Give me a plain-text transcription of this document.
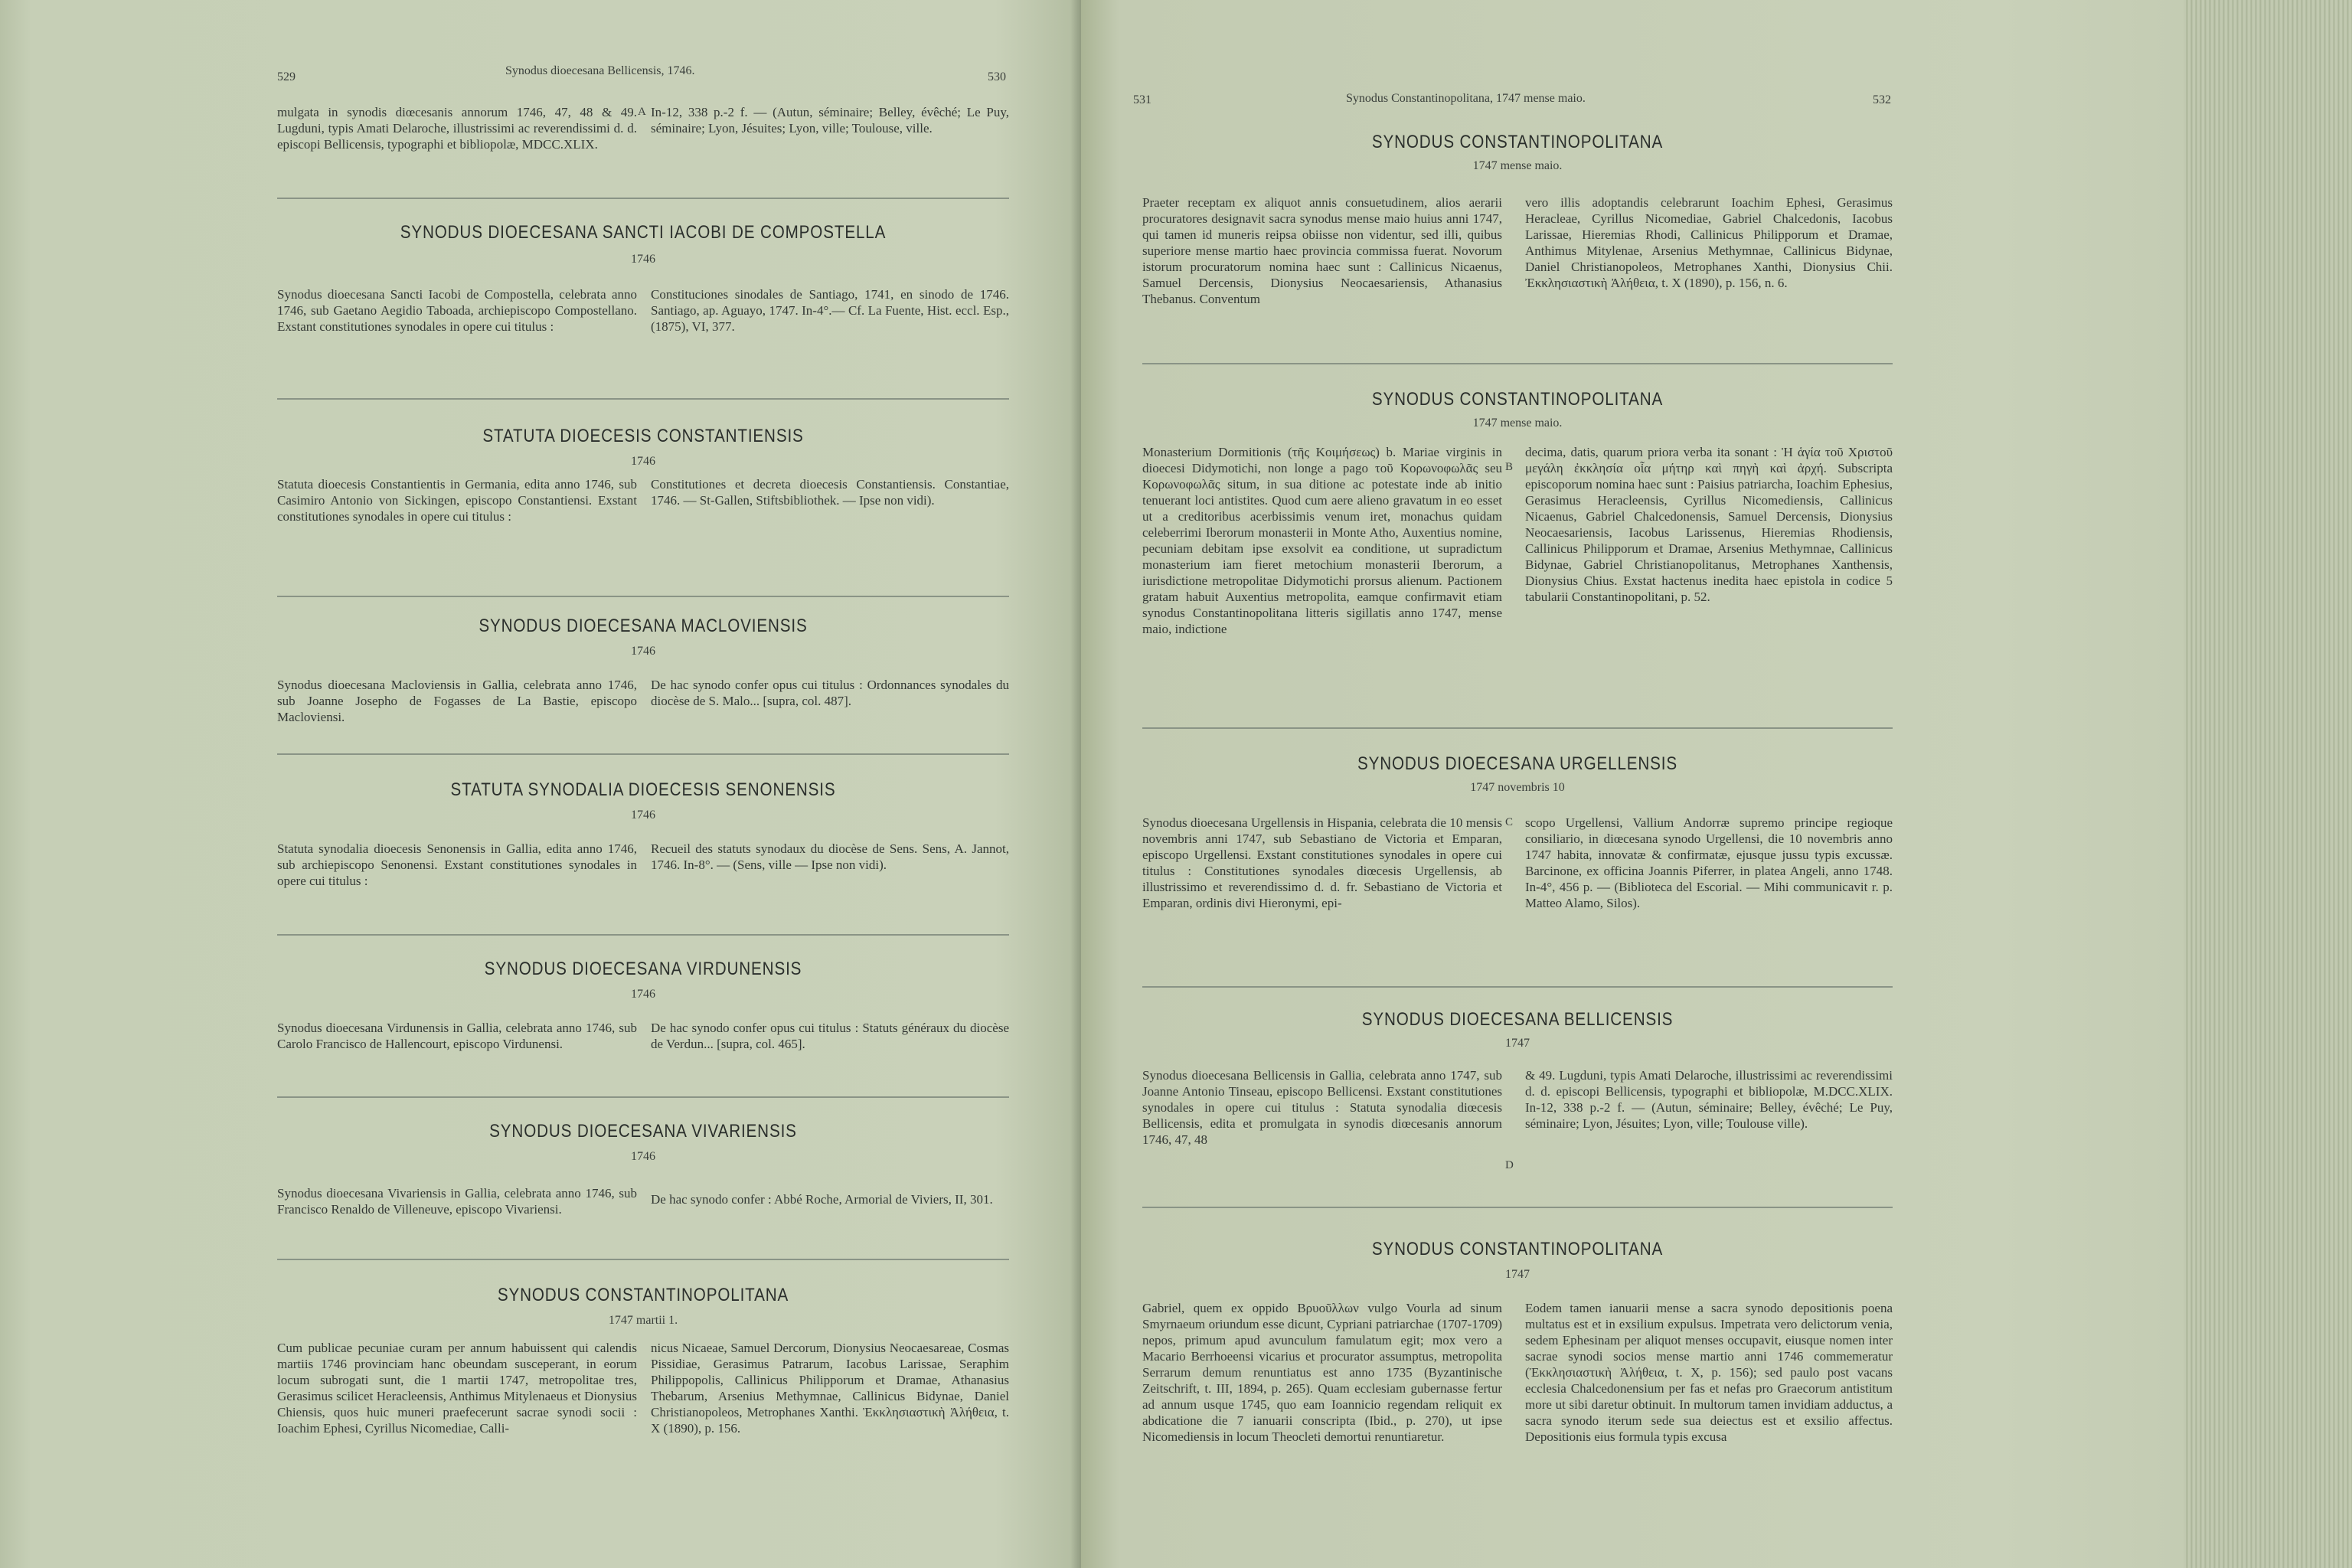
529	Synodus dioecesana Bellicensis, 1746.	530
mulgata in synodis diœcesanis annorum 1746, 47, 48 & 49. Lugduni, typis Amati Delaroche, illustrissimi ac reverendissimi d. d. episcopi Bellicensis, typographi et bibliopolæ, MDCC.XLIX.
A In-12, 338 p.-2 f. — (Autun, séminaire; Belley, évêché; Le Puy, séminaire; Lyon, Jésuites; Lyon, ville; Toulouse, ville.
SYNODUS DIOECESANA SANCTI IACOBI DE COMPOSTELLA
1746
Synodus dioecesana Sancti Iacobi de Compostella, celebrata anno 1746, sub Gaetano Aegidio Taboada, archiepiscopo Compostellano. Exstant constitutiones synodales in opere cui titulus :
Constituciones sinodales de Santiago, 1741, en sinodo de 1746. Santiago, ap. Aguayo, 1747. In-4°.— Cf. La Fuente, Hist. eccl. Esp., (1875), VI, 377.
STATUTA DIOECESIS CONSTANTIENSIS
1746
Statuta dioecesis Constantientis in Germania, edita anno 1746, sub Casimiro Antonio von Sickingen, episcopo Constantiensi. Exstant constitutiones synodales in opere cui titulus :
Constitutiones et decreta dioecesis Constantiensis. Constantiae, 1746. — St-Gallen, Stiftsbibliothek. — Ipse non vidi).
SYNODUS DIOECESANA MACLOVIENSIS
1746
Synodus dioecesana Macloviensis in Gallia, celebrata anno 1746, sub Joanne Josepho de Fogasses de La Bastie, episcopo Macloviensi.
De hac synodo confer opus cui titulus : Ordonnances synodales du diocèse de S. Malo... [supra, col. 487].
STATUTA SYNODALIA DIOECESIS SENONENSIS
1746
Statuta synodalia dioecesis Senonensis in Gallia, edita anno 1746, sub archiepiscopo Senonensi. Exstant constitutiones synodales in opere cui titulus :
Recueil des statuts synodaux du diocèse de Sens. Sens, A. Jannot, 1746. In-8°. — (Sens, ville — Ipse non vidi).
SYNODUS DIOECESANA VIRDUNENSIS
1746
Synodus dioecesana Virdunensis in Gallia, celebrata anno 1746, sub Carolo Francisco de Hallencourt, episcopo Virdunensi.
De hac synodo confer opus cui titulus : Statuts généraux du diocèse de Verdun... [supra, col. 465].
SYNODUS DIOECESANA VIVARIENSIS
1746
Synodus dioecesana Vivariensis in Gallia, celebrata anno 1746, sub Francisco Renaldo de Villeneuve, episcopo Vivariensi.
De hac synodo confer : Abbé Roche, Armorial de Viviers, II, 301.
SYNODUS CONSTANTINOPOLITANA
1747 martii 1.
Cum publicae pecuniae curam per annum habuissent qui calendis martiis 1746 provinciam hanc obeundam susceperant, in eorum locum subrogati sunt, die 1 martii 1747, metropolitae tres, Gerasimus scilicet Heracleensis, Anthimus Mitylenaeus et Dionysius Chiensis, quos huic muneri praefecerunt sacrae synodi socii : Ioachim Ephesi, Cyrillus Nicomediae, Calli-
nicus Nicaeae, Samuel Dercorum, Dionysius Neocaesareae, Cosmas Pissidiae, Gerasimus Patrarum, Iacobus Larissae, Seraphim Philippopolis, Callinicus Philipporum et Dramae, Athanasius Thebarum, Arsenius Methymnae, Callinicus Bidynae, Daniel Christianopoleos, Metrophanes Xanthi. Ἐκκλησιαστικὴ Ἀλήθεια, t. X (1890), p. 156.
531	Synodus Constantinopolitana, 1747 mense maio.	532
SYNODUS CONSTANTINOPOLITANA
1747 mense maio.
Praeter receptam ex aliquot annis consuetudinem, alios aerarii procuratores designavit sacra synodus mense maio huius anni 1747, qui tamen id muneris reipsa obiisse non videntur, sed illi, quibus superiore mense martio haec provincia commissa fuerat. Novorum istorum procuratorum nomina haec sunt : Callinicus Nicaenus, Samuel Dercensis, Dionysius Neocaesariensis, Athanasius Thebanus. Conventum
vero illis adoptandis celebrarunt Ioachim Ephesi, Gerasimus Heracleae, Cyrillus Nicomediae, Gabriel Chalcedonis, Iacobus Larissae, Hieremias Rhodi, Callinicus Philipporum et Dramae, Anthimus Mitylenae, Arsenius Methymnae, Callinicus Bidynae, Daniel Christianopoleos, Metrophanes Xanthi, Dionysius Chii. Ἐκκλησιαστικὴ Ἀλήθεια, t. X (1890), p. 156, n. 6.
SYNODUS CONSTANTINOPOLITANA
1747 mense maio.
Monasterium Dormitionis (τῆς Κοιμήσεως) b. Mariae virginis in dioecesi Didymotichi, non longe a pago τοῦ Κορωνοφωλᾶς seu Κορωνοφωλᾶς situm, in sua ditione ac potestate inde ab initio tenuerant loci antistites. Quod cum aere alieno gravatum in eo esset ut a creditoribus acerbissimis venum iret, monachus quidam celeberrimi Iberorum monasterii in Monte Atho, Auxentius nomine, pecuniam debitam ipse exsolvit ea conditione, ut supradictum monasterium iam fieret metochium monasterii Iberorum, a iurisdictione metropolitae Didymotichi prorsus alienum. Pactionem gratam habuit Auxentius metropolita, eamque confirmavit etiam synodus Constantinopolitana litteris sigillatis anno 1747, mense maio, indictione
B
decima, datis, quarum priora verba ita sonant : Ἡ ἁγία τοῦ Χριστοῦ μεγάλη ἐκκλησία οἷα μήτηρ καὶ πηγὴ καὶ ἀρχή. Subscripta episcoporum nomina haec sunt : Paisius patriarcha, Ioachim Ephesius, Gerasimus Heracleensis, Cyrillus Nicomediensis, Callinicus Nicaenus, Gabriel Chalcedonensis, Samuel Dercensis, Dionysius Neocaesariensis, Iacobus Larissenus, Hieremias Rhodiensis, Callinicus Philipporum et Dramae, Arsenius Methymnae, Callinicus Bidynae, Gabriel Christianopolitanus, Metrophanes Xanthensis, Dionysius Chius. Exstat hactenus inedita haec epistola in codice 5 tabularii Constantinopolitani, p. 52.
SYNODUS DIOECESANA URGELLENSIS
1747 novembris 10
Synodus dioecesana Urgellensis in Hispania, celebrata die 10 mensis novembris anni 1747, sub Sebastiano de Victoria et Emparan, episcopo Urgellensi. Exstant constitutiones synodales in opere cui titulus : Constitutiones synodales diœcesis Urgellensis, ab illustrissimo et reverendissimo d. d. fr. Sebastiano de Victoria et Emparan, ordinis divi Hieronymi, epi-
C scopo Urgellensi, Vallium Andorræ supremo principe regioque consiliario, in diœcesana synodo Urgellensi, die 10 novembris anno 1747 habita, innovatæ & confirmatæ, ejusque jussu typis excussæ. Barcinone, ex officina Joannis Piferrer, in platea Angeli, anno 1748. In-4°, 456 p. — (Biblioteca del Escorial. — Mihi communicavit r. p. Matteo Alamo, Silos).
SYNODUS DIOECESANA BELLICENSIS
1747
Synodus dioecesana Bellicensis in Gallia, celebrata anno 1747, sub Joanne Antonio Tinseau, episcopo Bellicensi. Exstant constitutiones synodales in opere cui titulus : Statuta synodalia diœcesis Bellicensis, edita et promulgata in synodis diœcesanis annorum 1746, 47, 48
D
& 49. Lugduni, typis Amati Delaroche, illustrissimi ac reverendissimi d. d. episcopi Bellicensis, typographi et bibliopolæ, M.DCC.XLIX. In-12, 338 p.-2 f. — (Autun, séminaire; Belley, évêché; Le Puy, séminaire; Lyon, Jésuites; Lyon, ville; Toulouse ville).
SYNODUS CONSTANTINOPOLITANA
1747
Gabriel, quem ex oppido Βρυοῦλλων vulgo Vourla ad sinum Smyrnaeum oriundum esse dicunt, Cypriani patriarchae (1707-1709) nepos, primum apud avunculum famulatum egit; mox vero a Macario Berrhoeensi vicarius et procurator assumptus, metropolita Serrarum demum renuntiatus est anno 1735 (Byzantinische Zeitschrift, t. III, 1894, p. 265). Quam ecclesiam gubernasse fertur ad annum usque 1745, quo eam Ioannicio regendam reliquit ex abdicatione die 7 ianuarii conscripta (Ibid., p. 270), ut ipse Nicomediensis in locum Theocleti demortui renuntiaretur.
Eodem tamen ianuarii mense a sacra synodo depositionis poena multatus est et in exsilium expulsus. Impetrata vero delictorum venia, sedem Ephesinam per aliquot menses occupavit, eiusque nomen inter sacrae synodi socios mense martio anni 1746 commemeratur (Ἐκκλησιαστικὴ Ἀλήθεια, t. X, p. 156); sed paulo post vacans ecclesia Chalcedonensium per fas et nefas pro Graecorum antistitum more ut sibi daretur obtinuit. In multorum tamen invidiam adductus, a sacra synodo iterum sede sua deiectus est et exsilio affectus. Depositionis eius formula typis excusa
